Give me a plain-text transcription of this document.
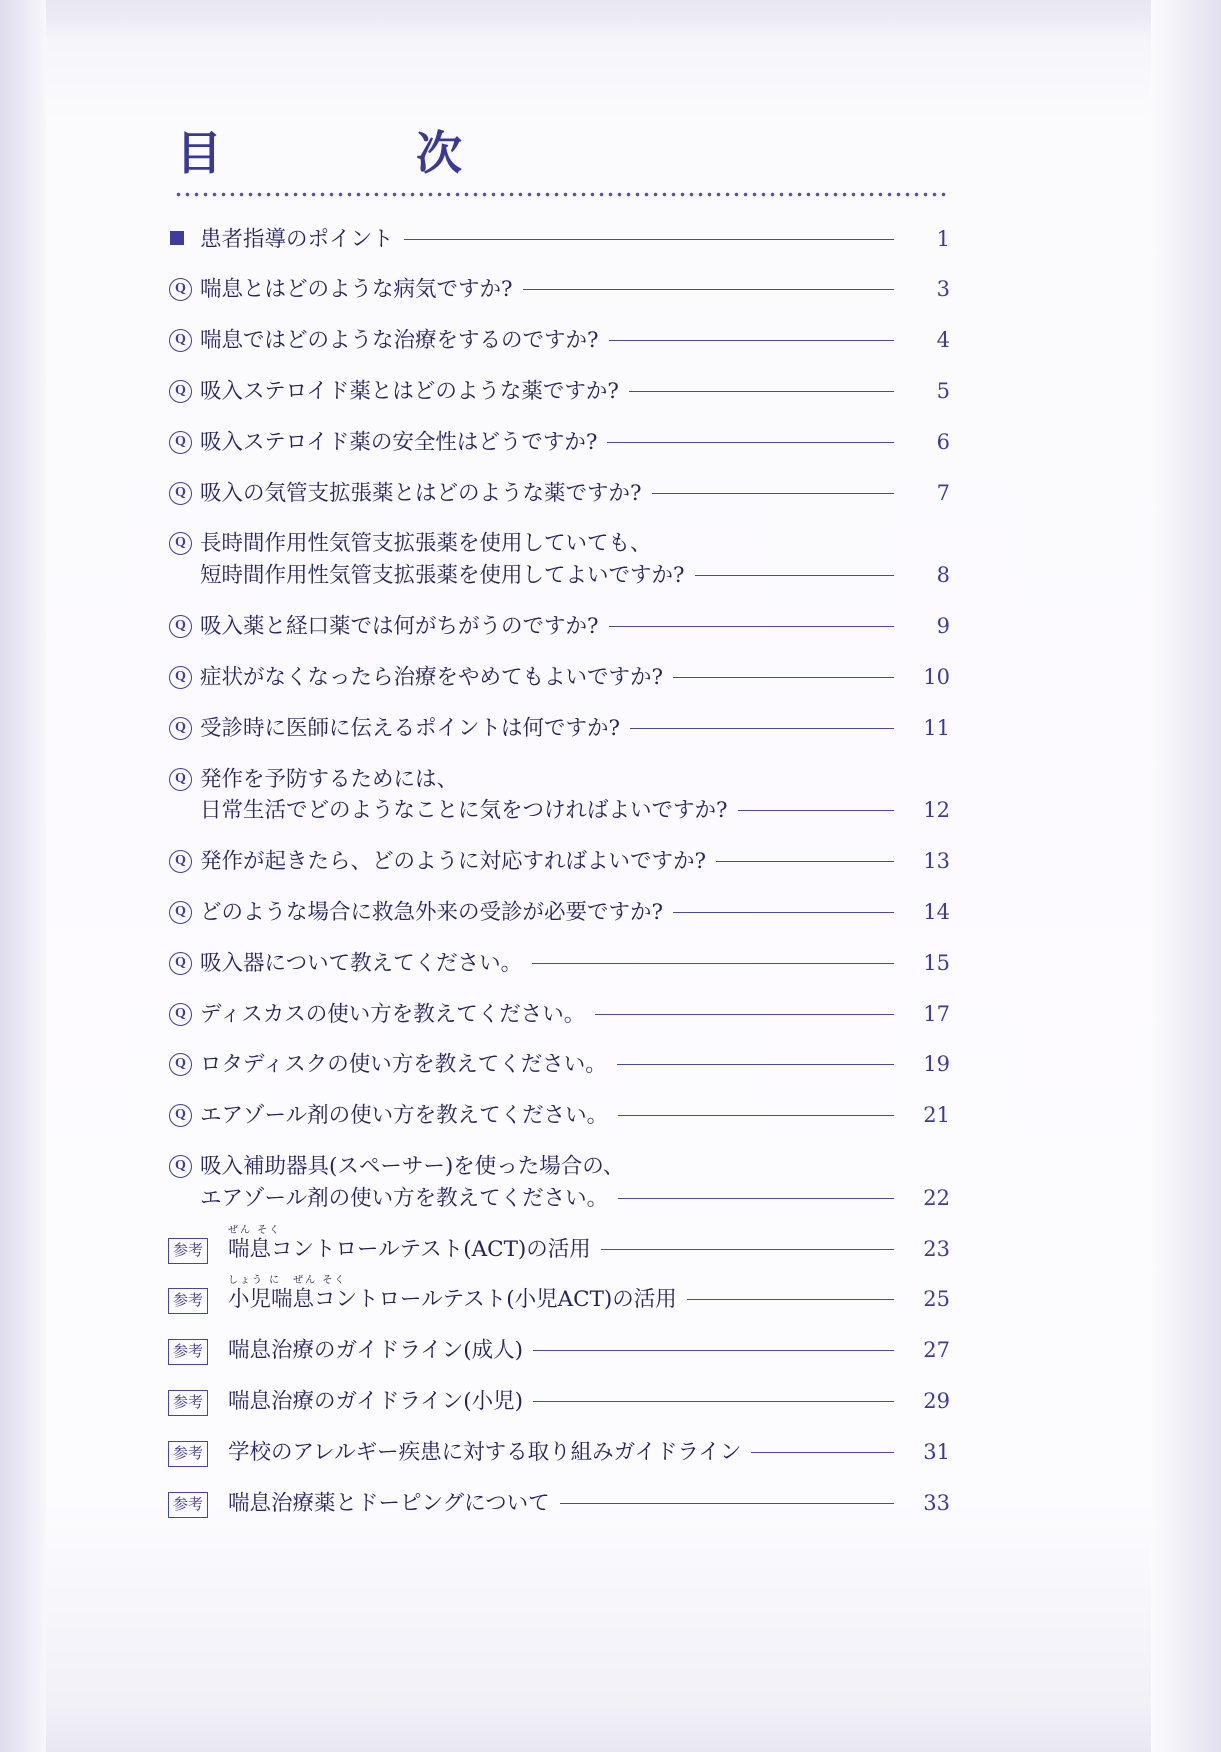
目　　次
患者指導のポイント	1
Q 喘息とはどのような病気ですか?	3
Q 喘息ではどのような治療をするのですか?	4
Q 吸入ステロイド薬とはどのような薬ですか?	5
Q 吸入ステロイド薬の安全性はどうですか?	6
Q 吸入の気管支拡張薬とはどのような薬ですか?	7
Q 長時間作用性気管支拡張薬を使用していても、
短時間作用性気管支拡張薬を使用してよいですか?	8
Q 吸入薬と経口薬では何がちがうのですか?	9
Q 症状がなくなったら治療をやめてもよいですか?	10
Q 受診時に医師に伝えるポイントは何ですか?	11
Q 発作を予防するためには、
日常生活でどのようなことに気をつければよいですか?	12
Q 発作が起きたら、どのように対応すればよいですか?	13
Q どのような場合に救急外来の受診が必要ですか?	14
Q 吸入器について教えてください。	15
Q ディスカスの使い方を教えてください。	17
Q ロタディスクの使い方を教えてください。	19
Q エアゾール剤の使い方を教えてください。	21
Q 吸入補助器具(スペーサー)を使った場合の、
エアゾール剤の使い方を教えてください。	22
参考
ぜん そく
喘息コントロールテスト(ACT)の活用	23
参考
しょう に　ぜん そく
小児喘息コントロールテスト(小児ACT)の活用	25
参考 喘息治療のガイドライン(成人)	27
参考 喘息治療のガイドライン(小児)	29
参考 学校のアレルギー疾患に対する取り組みガイドライン	31
参考 喘息治療薬とドーピングについて	33
